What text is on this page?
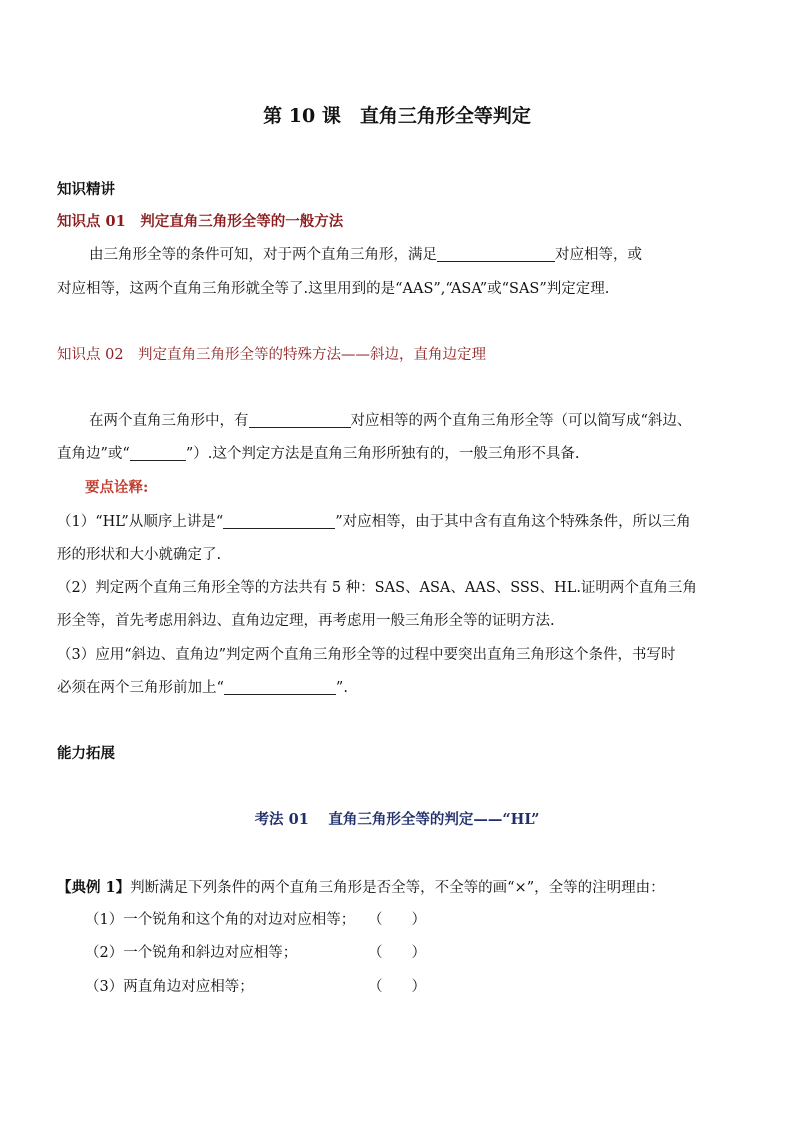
第 10 课　直角三角形全等判定
知识精讲
知识点 01　判定直角三角形全等的一般方法
由三角形全等的条件可知，对于两个直角三角形，满足	对应相等，或
对应相等，这两个直角三角形就全等了.这里用到的是“AAS”,“ASA”或“SAS”判定定理.
知识点 02　判定直角三角形全等的特殊方法——斜边，直角边定理
在两个直角三角形中，有	对应相等的两个直角三角形全等（可以简写成“斜边、
直角边”或“	”）.这个判定方法是直角三角形所独有的，一般三角形不具备.
要点诠释:
（1）“HL”从顺序上讲是“	”对应相等，由于其中含有直角这个特殊条件，所以三角
形的形状和大小就确定了.
（2）判定两个直角三角形全等的方法共有 5 种：SAS、ASA、AAS、SSS、HL.证明两个直角三角
形全等，首先考虑用斜边、直角边定理，再考虑用一般三角形全等的证明方法.
（3）应用“斜边、直角边”判定两个直角三角形全等的过程中要突出直角三角形这个条件，书写时
必须在两个三角形前加上“	”.
能力拓展
考法 01　 直角三角形全等的判定——“HL”
【典例 1】判断满足下列条件的两个直角三角形是否全等，不全等的画“×”，全等的注明理由：
（1）一个锐角和这个角的对边对应相等； （　　）
（2）一个锐角和斜边对应相等；	（　　）
（3）两直角边对应相等；	（　　）
